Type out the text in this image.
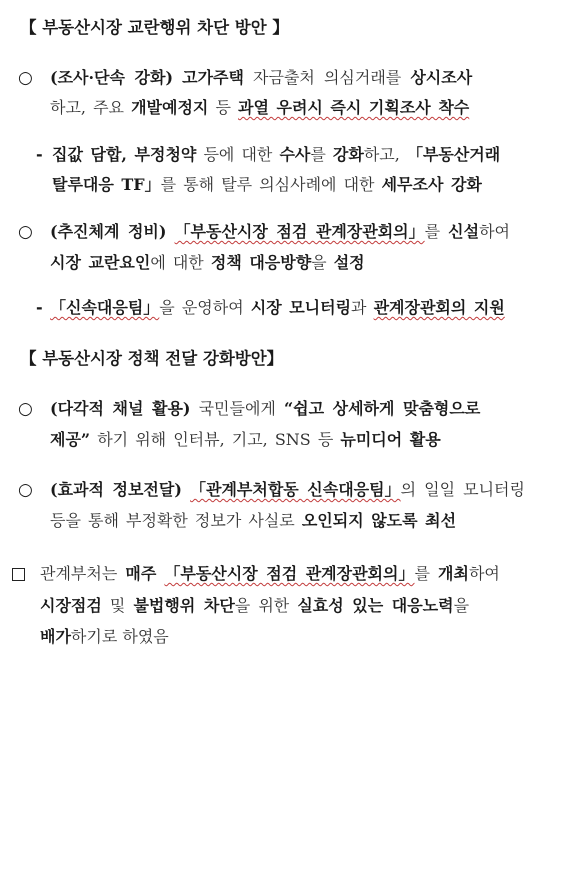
【 부동산시장 교란행위 차단 방안 】
○ (조사·단속 강화) 고가주택 자금출처 의심거래를 상시조사
하고, 주요 개발예정지 등 과열 우려시 즉시 기획조사 착수
- 집값 담합, 부정청약 등에 대한 수사를 강화하고, 「부동산거래
탈루대응 TF」를 통해 탈루 의심사례에 대한 세무조사 강화
○ (추진체계 정비) 「부동산시장 점검 관계장관회의」를 신설하여
시장 교란요인에 대한 정책 대응방향을 설정
- 「신속대응팀」을 운영하여 시장 모니터링과 관계장관회의 지원
【 부동산시장 정책 전달 강화방안】
○ (다각적 채널 활용) 국민들에게 “쉽고 상세하게 맞춤형으로
제공” 하기 위해 인터뷰, 기고, SNS 등 뉴미디어 활용
○ (효과적 정보전달) 「관계부처합동 신속대응팀」의 일일 모니터링
등을 통해 부정확한 정보가 사실로 오인되지 않도록 최선
관계부처는 매주 「부동산시장 점검 관계장관회의」를 개최하여
시장점검 및 불법행위 차단을 위한 실효성 있는 대응노력을
배가하기로 하였음
